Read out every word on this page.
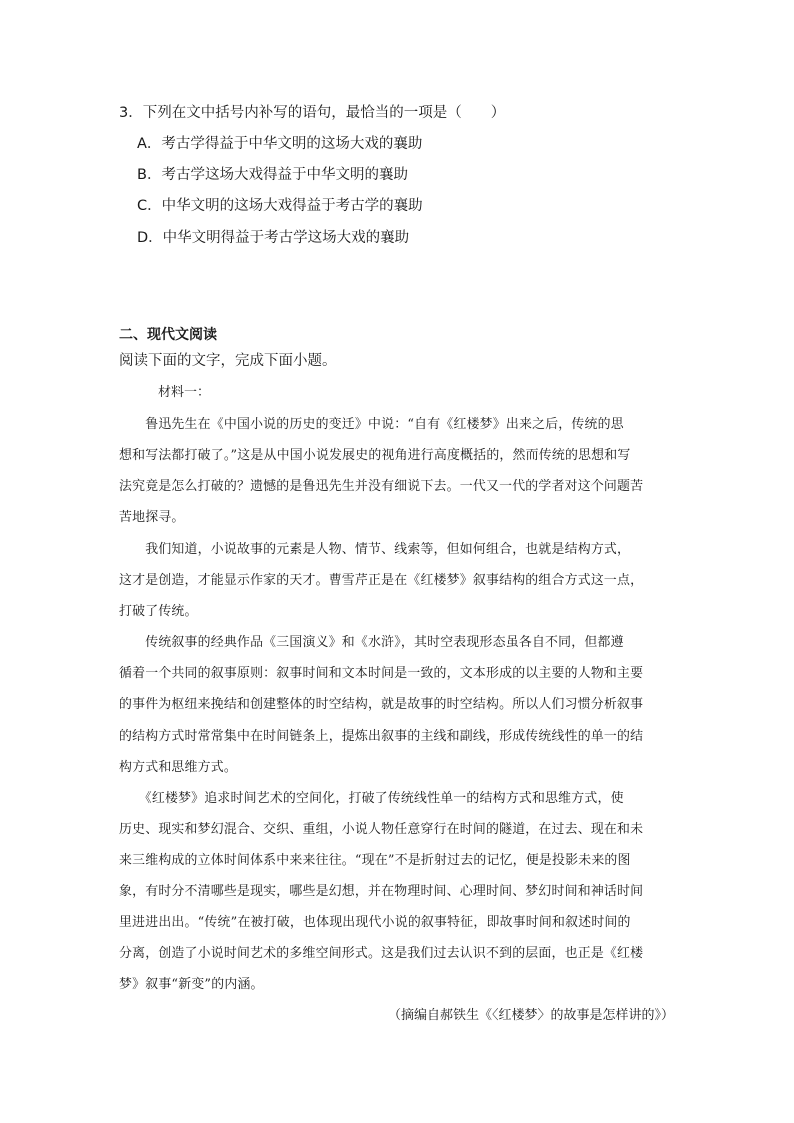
3．下列在文中括号内补写的语句，最恰当的一项是（　　）
A．考古学得益于中华文明的这场大戏的襄助
B．考古学这场大戏得益于中华文明的襄助
C．中华文明的这场大戏得益于考古学的襄助
D．中华文明得益于考古学这场大戏的襄助
二、现代文阅读
阅读下面的文字，完成下面小题。
材料一：
　　鲁迅先生在《中国小说的历史的变迁》中说：“自有《红楼梦》出来之后，传统的思
想和写法都打破了。”这是从中国小说发展史的视角进行高度概括的，然而传统的思想和写
法究竟是怎么打破的？遗憾的是鲁迅先生并没有细说下去。一代又一代的学者对这个问题苦
苦地探寻。
　　我们知道，小说故事的元素是人物、情节、线索等，但如何组合，也就是结构方式，
这才是创造，才能显示作家的天才。曹雪芹正是在《红楼梦》叙事结构的组合方式这一点，
打破了传统。
　　传统叙事的经典作品《三国演义》和《水浒》，其时空表现形态虽各自不同，但都遵
循着一个共同的叙事原则：叙事时间和文本时间是一致的，文本形成的以主要的人物和主要
的事件为枢纽来挽结和创建整体的时空结构，就是故事的时空结构。所以人们习惯分析叙事
的结构方式时常常集中在时间链条上，提炼出叙事的主线和副线，形成传统线性的单一的结
构方式和思维方式。
　　《红楼梦》追求时间艺术的空间化，打破了传统线性单一的结构方式和思维方式，使
历史、现实和梦幻混合、交织、重组，小说人物任意穿行在时间的隧道，在过去、现在和未
来三维构成的立体时间体系中来来往往。“现在”不是折射过去的记忆，便是投影未来的图
象，有时分不清哪些是现实，哪些是幻想，并在物理时间、心理时间、梦幻时间和神话时间
里进进出出。“传统”在被打破，也体现出现代小说的叙事特征，即故事时间和叙述时间的
分离，创造了小说时间艺术的多维空间形式。这是我们过去认识不到的层面，也正是《红楼
梦》叙事“新变”的内涵。
（摘编自郝铁生《〈红楼梦〉的故事是怎样讲的》）
